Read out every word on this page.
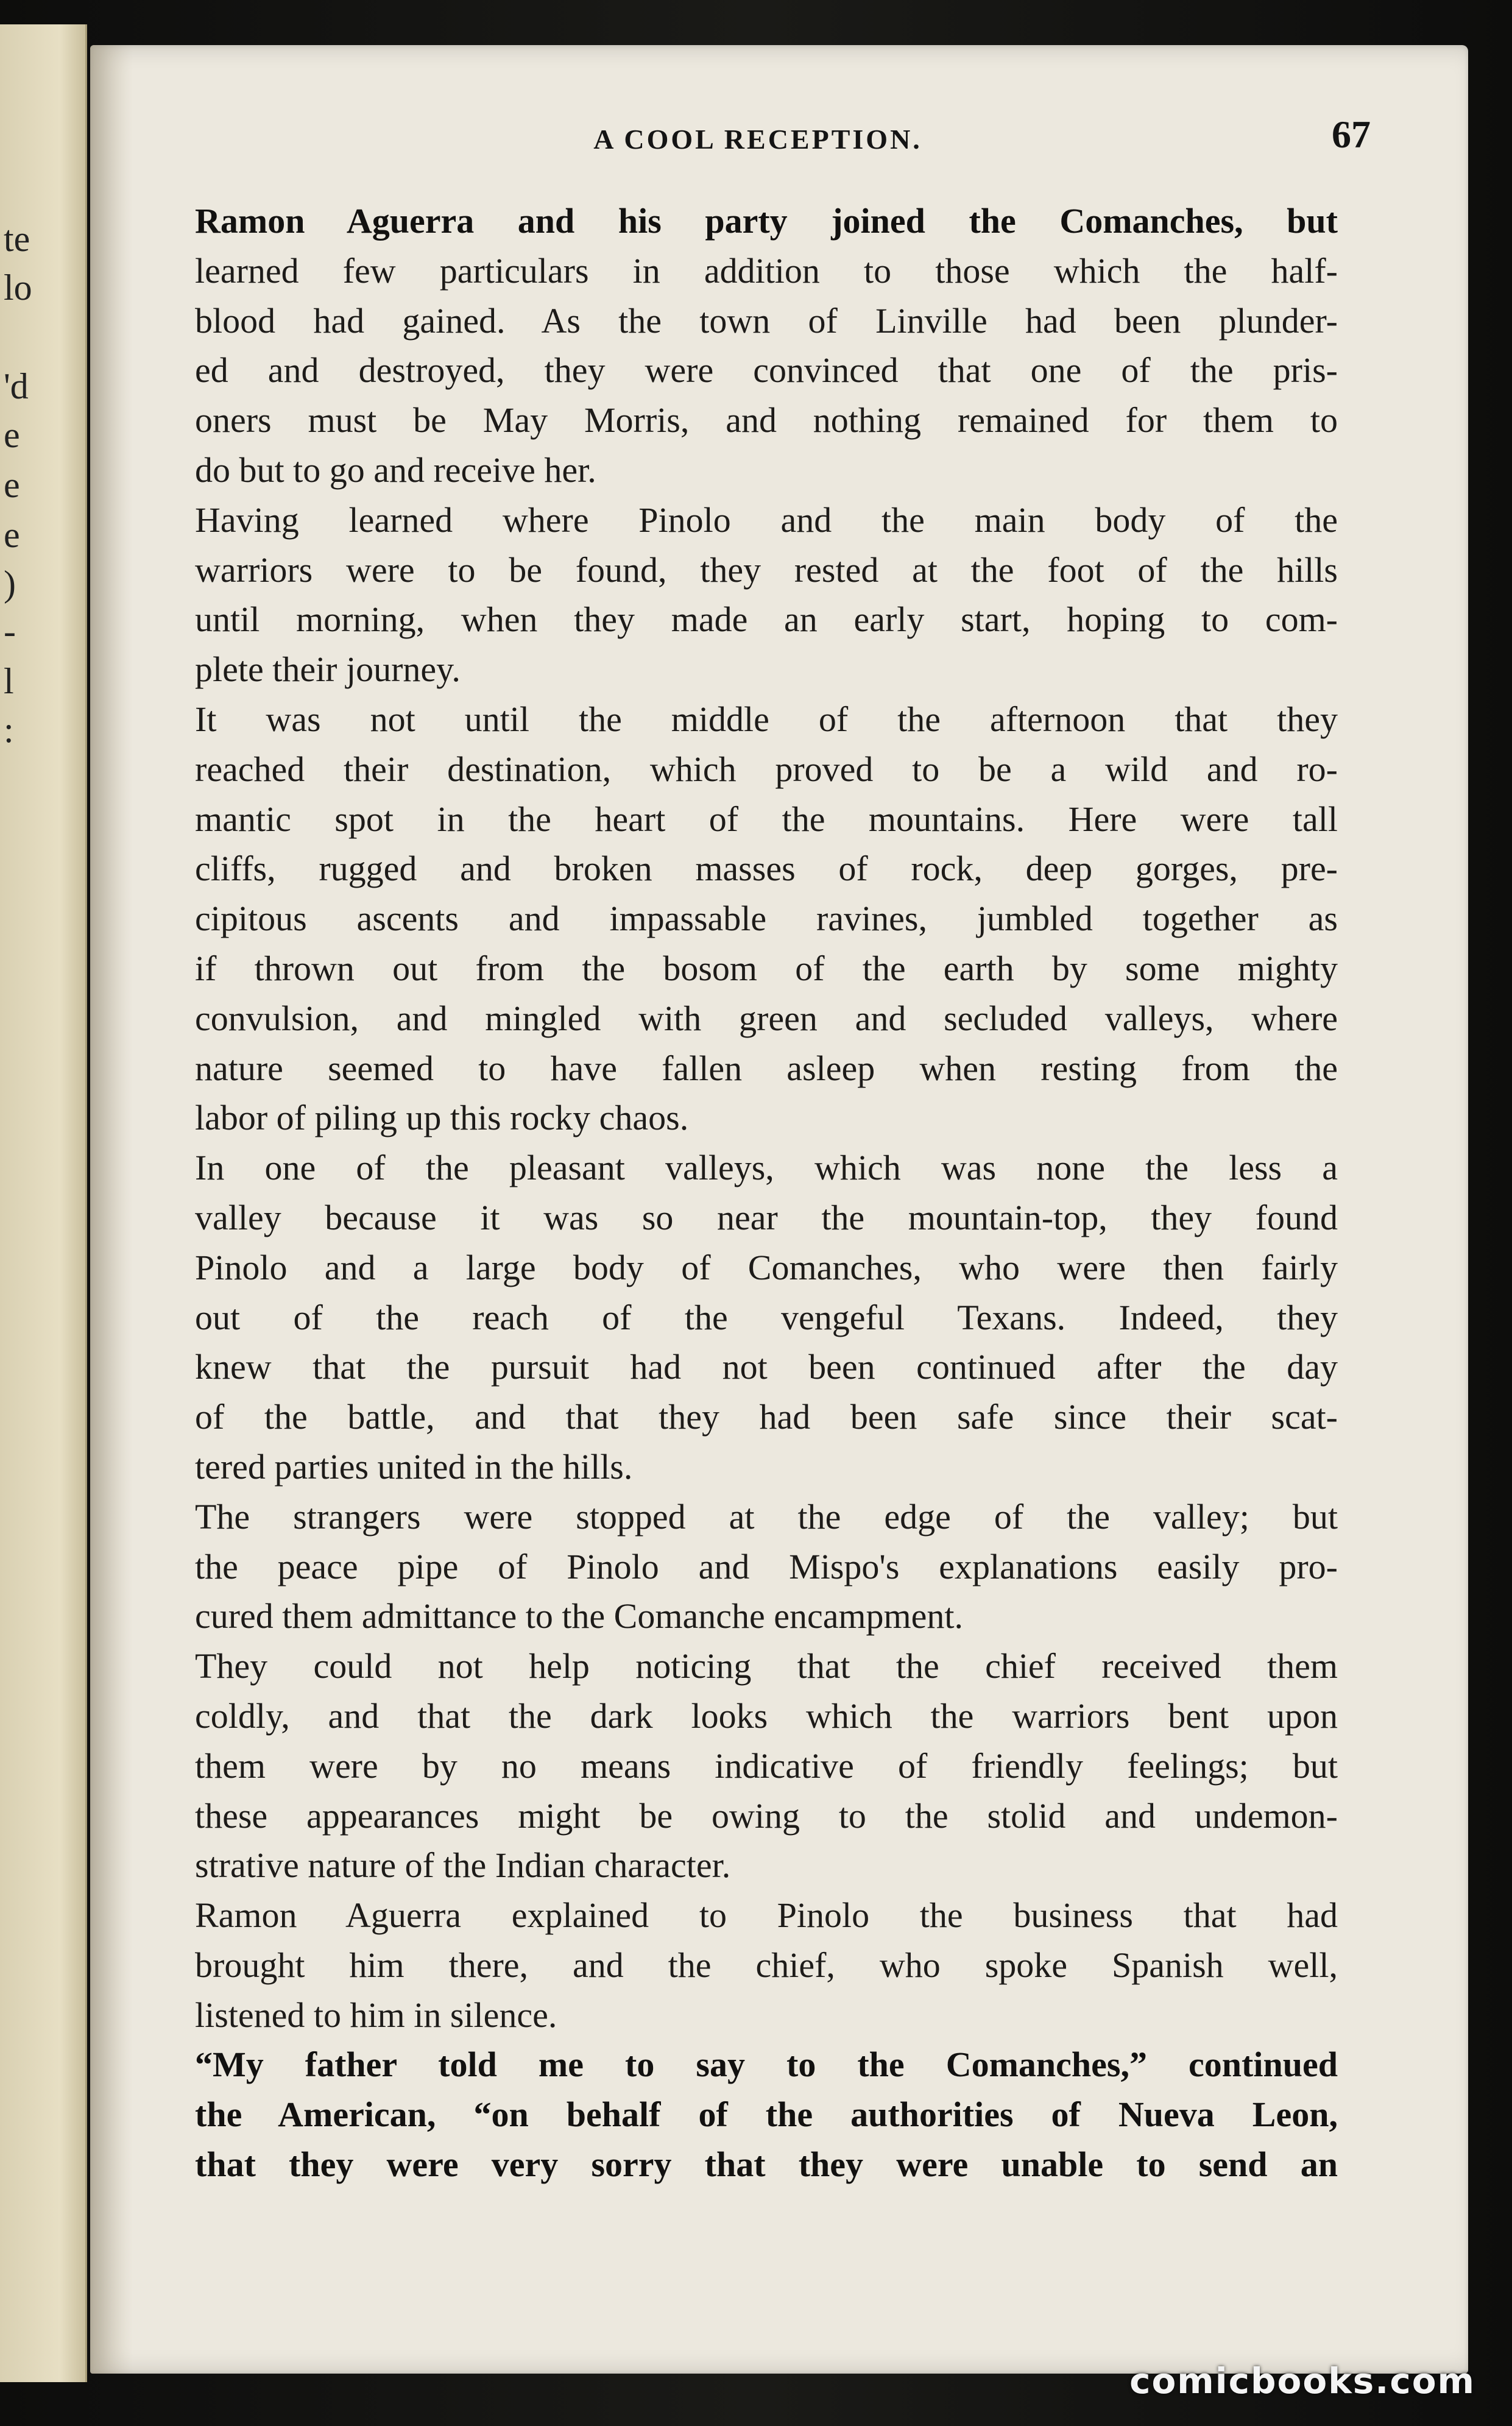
te
lo
'd
e
e
e
)
-
l
:
A COOL RECEPTION.	67

Ramon Aguerra and his party joined the Comanches, but
learned few particulars in addition to those which the half-
blood had gained. As the town of Linville had been plunder-
ed and destroyed, they were convinced that one of the pris-
oners must be May Morris, and nothing remained for them to
do but to go and receive her.

Having learned where Pinolo and the main body of the
warriors were to be found, they rested at the foot of the hills
until morning, when they made an early start, hoping to com-
plete their journey.

It was not until the middle of the afternoon that they
reached their destination, which proved to be a wild and ro-
mantic spot in the heart of the mountains. Here were tall
cliffs, rugged and broken masses of rock, deep gorges, pre-
cipitous ascents and impassable ravines, jumbled together as
if thrown out from the bosom of the earth by some mighty
convulsion, and mingled with green and secluded valleys, where
nature seemed to have fallen asleep when resting from the
labor of piling up this rocky chaos.

In one of the pleasant valleys, which was none the less a
valley because it was so near the mountain-top, they found
Pinolo and a large body of Comanches, who were then fairly
out of the reach of the vengeful Texans. Indeed, they
knew that the pursuit had not been continued after the day
of the battle, and that they had been safe since their scat-
tered parties united in the hills.

The strangers were stopped at the edge of the valley; but
the peace pipe of Pinolo and Mispo's explanations easily pro-
cured them admittance to the Comanche encampment.

They could not help noticing that the chief received them
coldly, and that the dark looks which the warriors bent upon
them were by no means indicative of friendly feelings; but
these appearances might be owing to the stolid and undemon-
strative nature of the Indian character.

Ramon Aguerra explained to Pinolo the business that had
brought him there, and the chief, who spoke Spanish well,
listened to him in silence.

“My father told me to say to the Comanches,” continued
the American, “on behalf of the authorities of Nueva Leon,
that they were very sorry that they were unable to send an

comicbooks.com
